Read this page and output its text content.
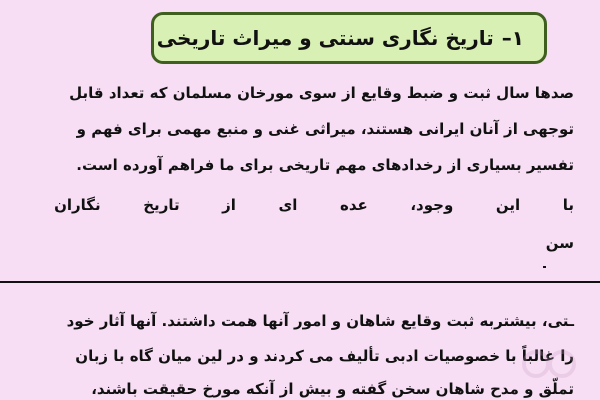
۱–
تاریخ نگاری سنتی و میراث تاریخی
صدها سال ثبت و ضبط وقایع از سوی مورخان مسلمان که تعداد قابل
توجهی از آنان ایرانی هستند، میراثی غنی و منبع مهمی برای فهم و
تفسیر بسیاری از رخدادهای مهم تاریخی برای ما فراهم آورده است.
با
این
وجود،
عده
ای
از
تاریخ
نگاران
سن
ـتی، بیشتربه ثبت وقایع شاهان و امور آنها همت داشتند. آنها آثار خود
را غالباً با خصوصیات ادبی تألیف می کردند و در لین میان گاه با زبان
تملّق و مدح شاهان سخن گفته و بیش از آنکه مورخ حقیقت باشند،
